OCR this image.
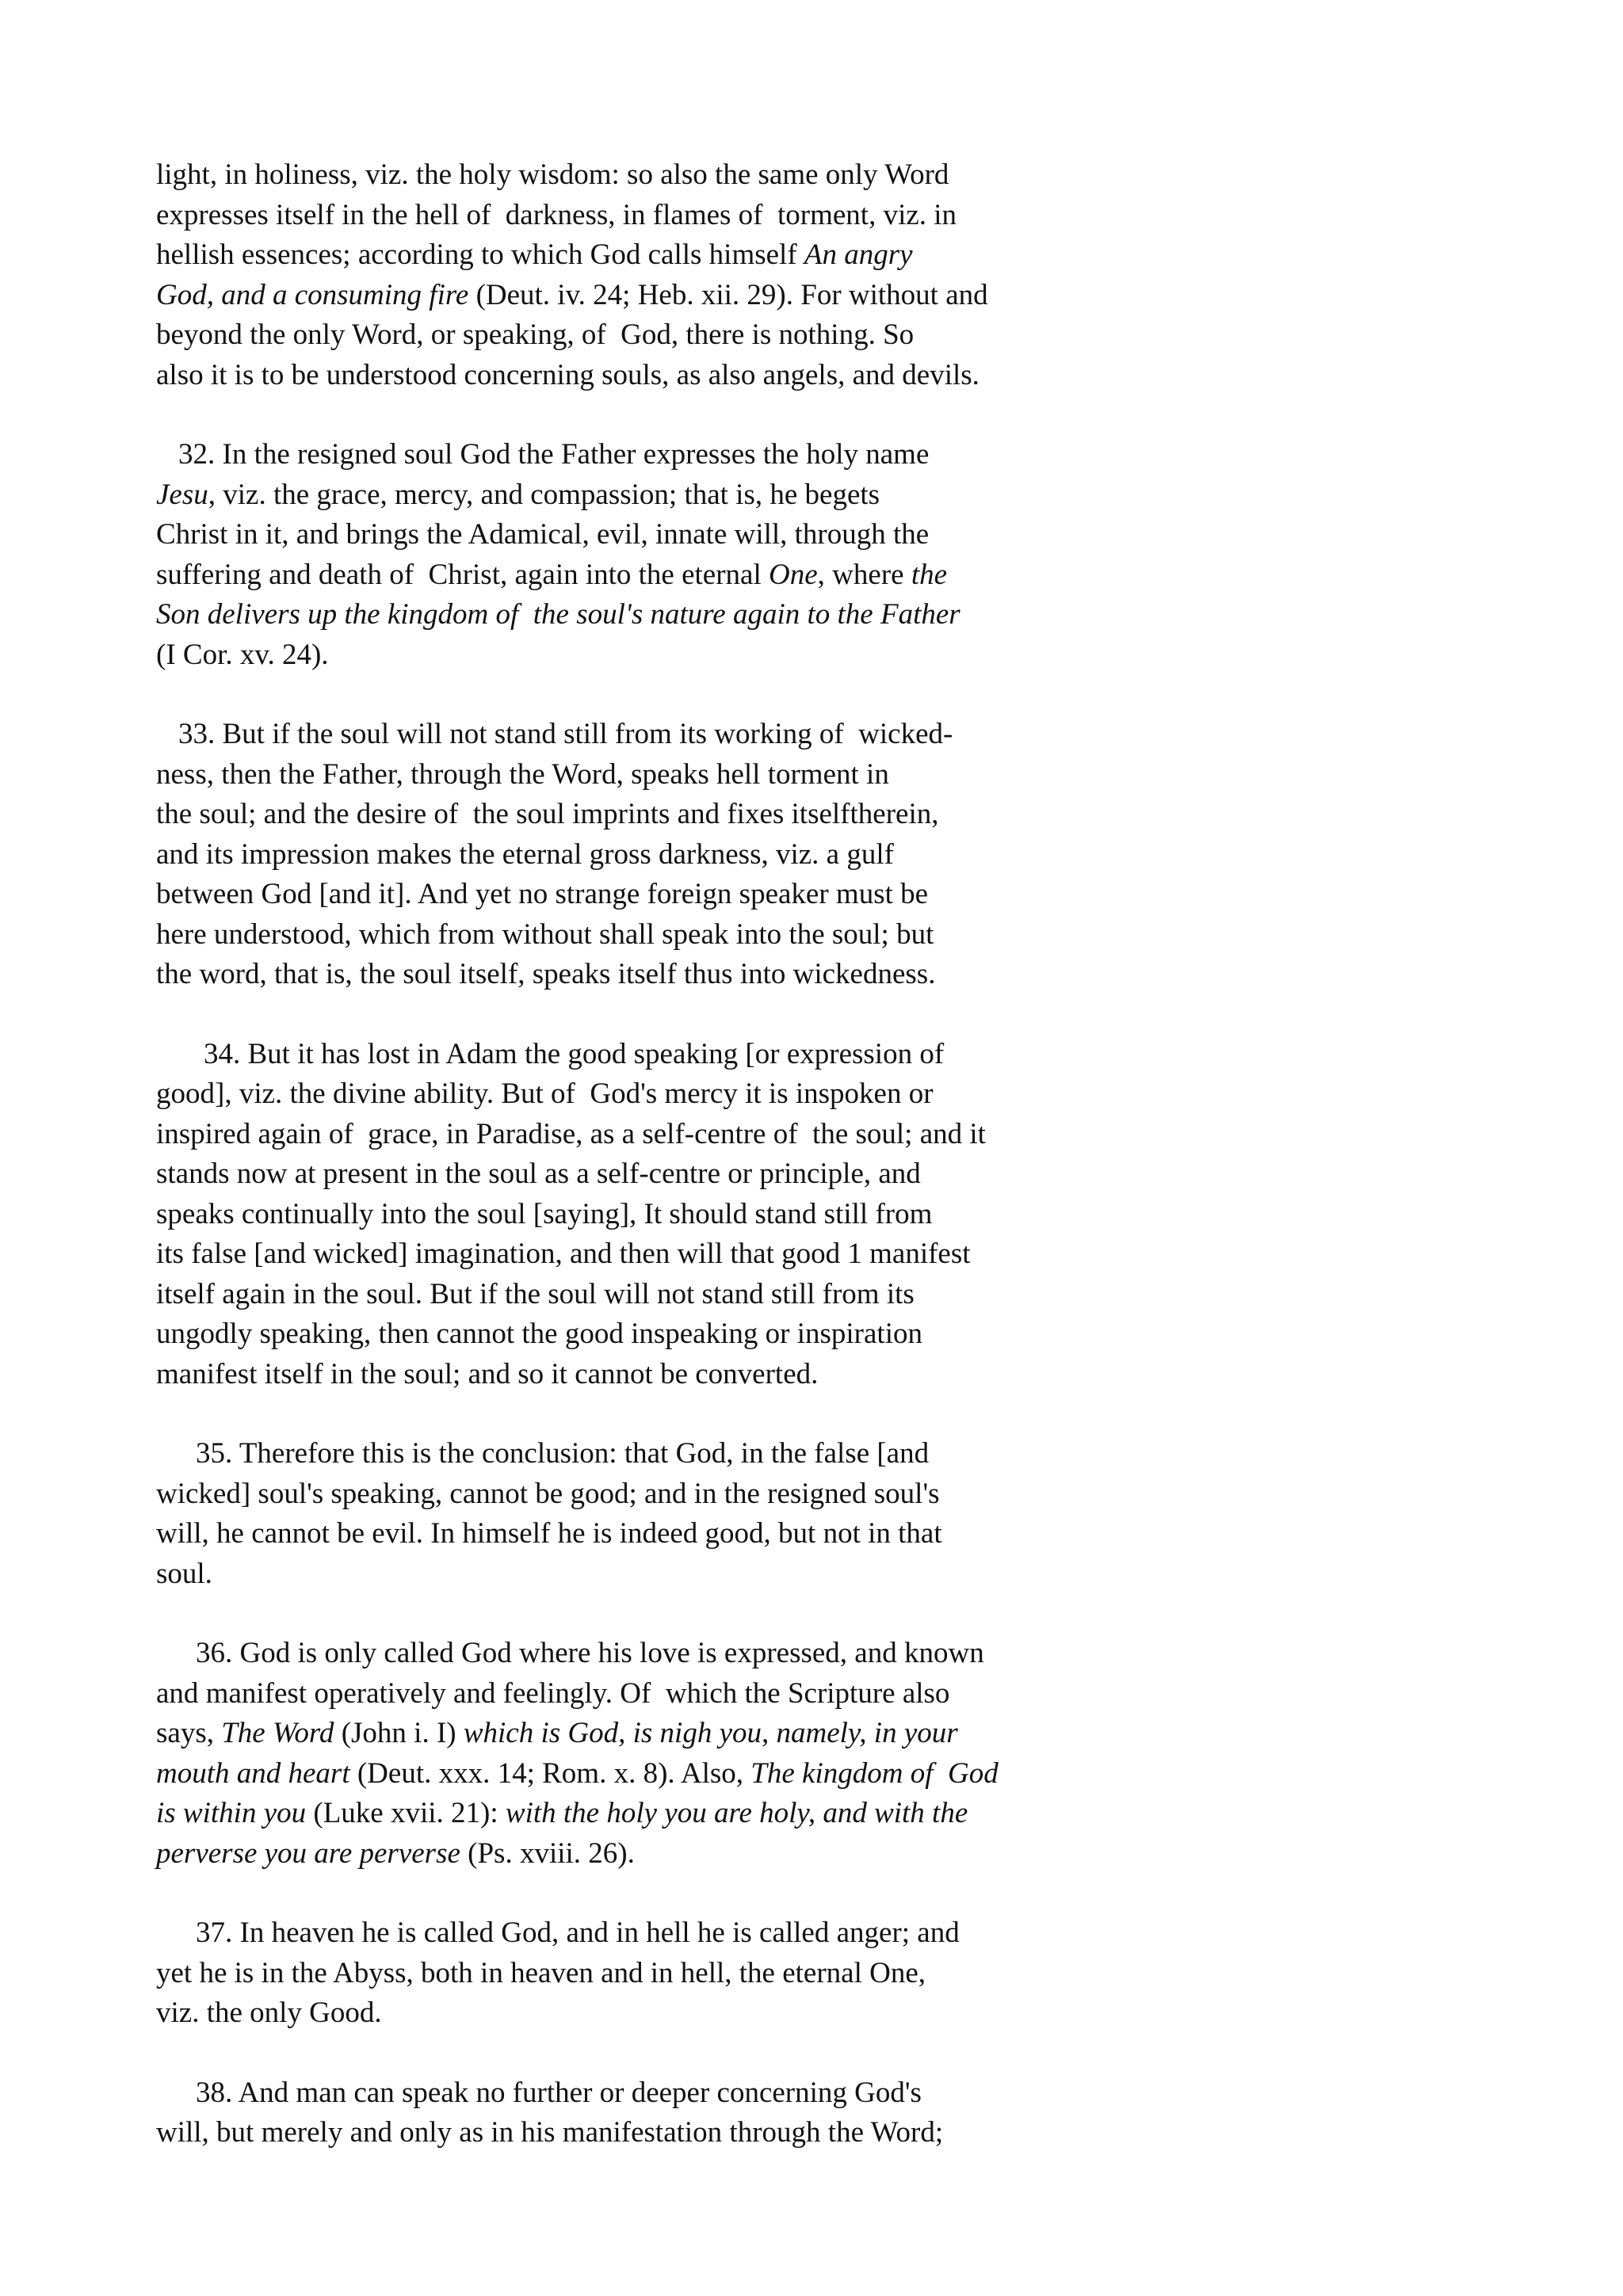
light, in holiness, viz. the holy wisdom: so also the same only Word
expresses itself in the hell of  darkness, in flames of  torment, viz. in
hellish essences; according to which God calls himself An angry
God, and a consuming fire (Deut. iv. 24; Heb. xii. 29). For without and
beyond the only Word, or speaking, of  God, there is nothing. So
also it is to be understood concerning souls, as also angels, and devils.
32. In the resigned soul God the Father expresses the holy name
Jesu, viz. the grace, mercy, and compassion; that is, he begets
Christ in it, and brings the Adamical, evil, innate will, through the
suffering and death of  Christ, again into the eternal One, where the
Son delivers up the kingdom of  the soul's nature again to the Father
(I Cor. xv. 24).
33. But if the soul will not stand still from its working of  wicked-
ness, then the Father, through the Word, speaks hell torment in
the soul; and the desire of  the soul imprints and fixes itselftherein,
and its impression makes the eternal gross darkness, viz. a gulf
between God [and it]. And yet no strange foreign speaker must be
here understood, which from without shall speak into the soul; but
the word, that is, the soul itself, speaks itself thus into wickedness.
34. But it has lost in Adam the good speaking [or expression of
good], viz. the divine ability. But of  God's mercy it is inspoken or
inspired again of  grace, in Paradise, as a self-centre of  the soul; and it
stands now at present in the soul as a self-centre or principle, and
speaks continually into the soul [saying], It should stand still from
its false [and wicked] imagination, and then will that good 1 manifest
itself again in the soul. But if the soul will not stand still from its
ungodly speaking, then cannot the good inspeaking or inspiration
manifest itself in the soul; and so it cannot be converted.
35. Therefore this is the conclusion: that God, in the false [and
wicked] soul's speaking, cannot be good; and in the resigned soul's
will, he cannot be evil. In himself he is indeed good, but not in that
soul.
36. God is only called God where his love is expressed, and known
and manifest operatively and feelingly. Of  which the Scripture also
says, The Word (John i. I) which is God, is nigh you, namely, in your
mouth and heart (Deut. xxx. 14; Rom. x. 8). Also, The kingdom of  God
is within you (Luke xvii. 21): with the holy you are holy, and with the
perverse you are perverse (Ps. xviii. 26).
37. In heaven he is called God, and in hell he is called anger; and
yet he is in the Abyss, both in heaven and in hell, the eternal One,
viz. the only Good.
38. And man can speak no further or deeper concerning God's
will, but merely and only as in his manifestation through the Word;
